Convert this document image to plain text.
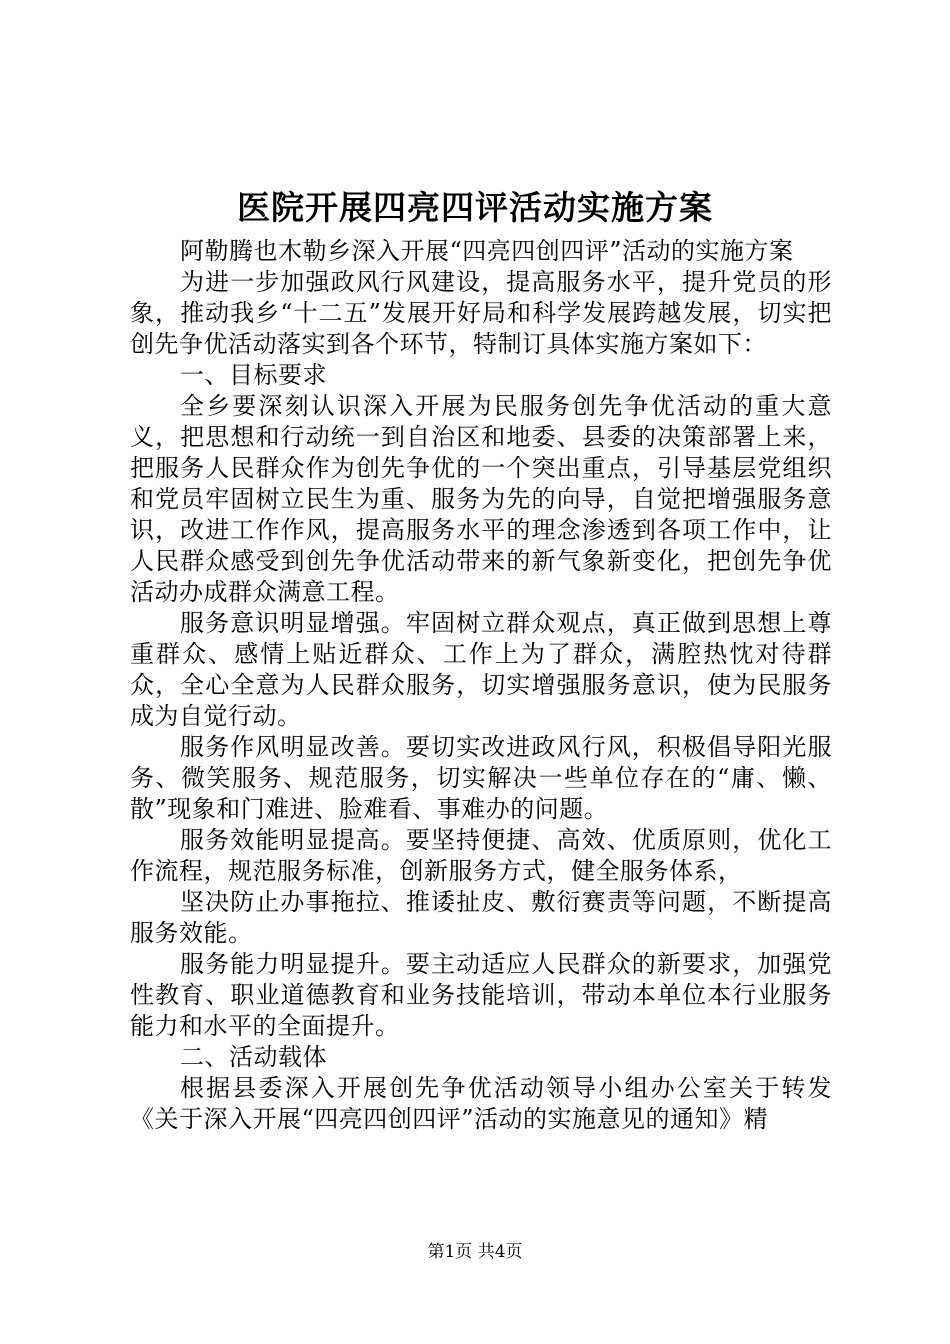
医院开展四亮四评活动实施方案

阿勒腾也木勒乡深入开展“四亮四创四评”活动的实施方案

为进一步加强政风行风建设，提高服务水平，提升党员的形象，推动我乡“十二五”发展开好局和科学发展跨越发展，切实把创先争优活动落实到各个环节，特制订具体实施方案如下：

一、目标要求

全乡要深刻认识深入开展为民服务创先争优活动的重大意义，把思想和行动统一到自治区和地委、县委的决策部署上来，把服务人民群众作为创先争优的一个突出重点，引导基层党组织和党员牢固树立民生为重、服务为先的向导，自觉把增强服务意识，改进工作作风，提高服务水平的理念渗透到各项工作中，让人民群众感受到创先争优活动带来的新气象新变化，把创先争优活动办成群众满意工程。

服务意识明显增强。牢固树立群众观点，真正做到思想上尊重群众、感情上贴近群众、工作上为了群众，满腔热忱对待群众，全心全意为人民群众服务，切实增强服务意识，使为民服务成为自觉行动。

服务作风明显改善。要切实改进政风行风，积极倡导阳光服务、微笑服务、规范服务，切实解决一些单位存在的“庸、懒、散”现象和门难进、脸难看、事难办的问题。

服务效能明显提高。要坚持便捷、高效、优质原则，优化工作流程，规范服务标准，创新服务方式，健全服务体系，

坚决防止办事拖拉、推诿扯皮、敷衍赛责等问题，不断提高服务效能。

服务能力明显提升。要主动适应人民群众的新要求，加强党性教育、职业道德教育和业务技能培训，带动本单位本行业服务能力和水平的全面提升。

二、活动载体

根据县委深入开展创先争优活动领导小组办公室关于转发《关于深入开展“四亮四创四评”活动的实施意见的通知》精

第1页 共4页
